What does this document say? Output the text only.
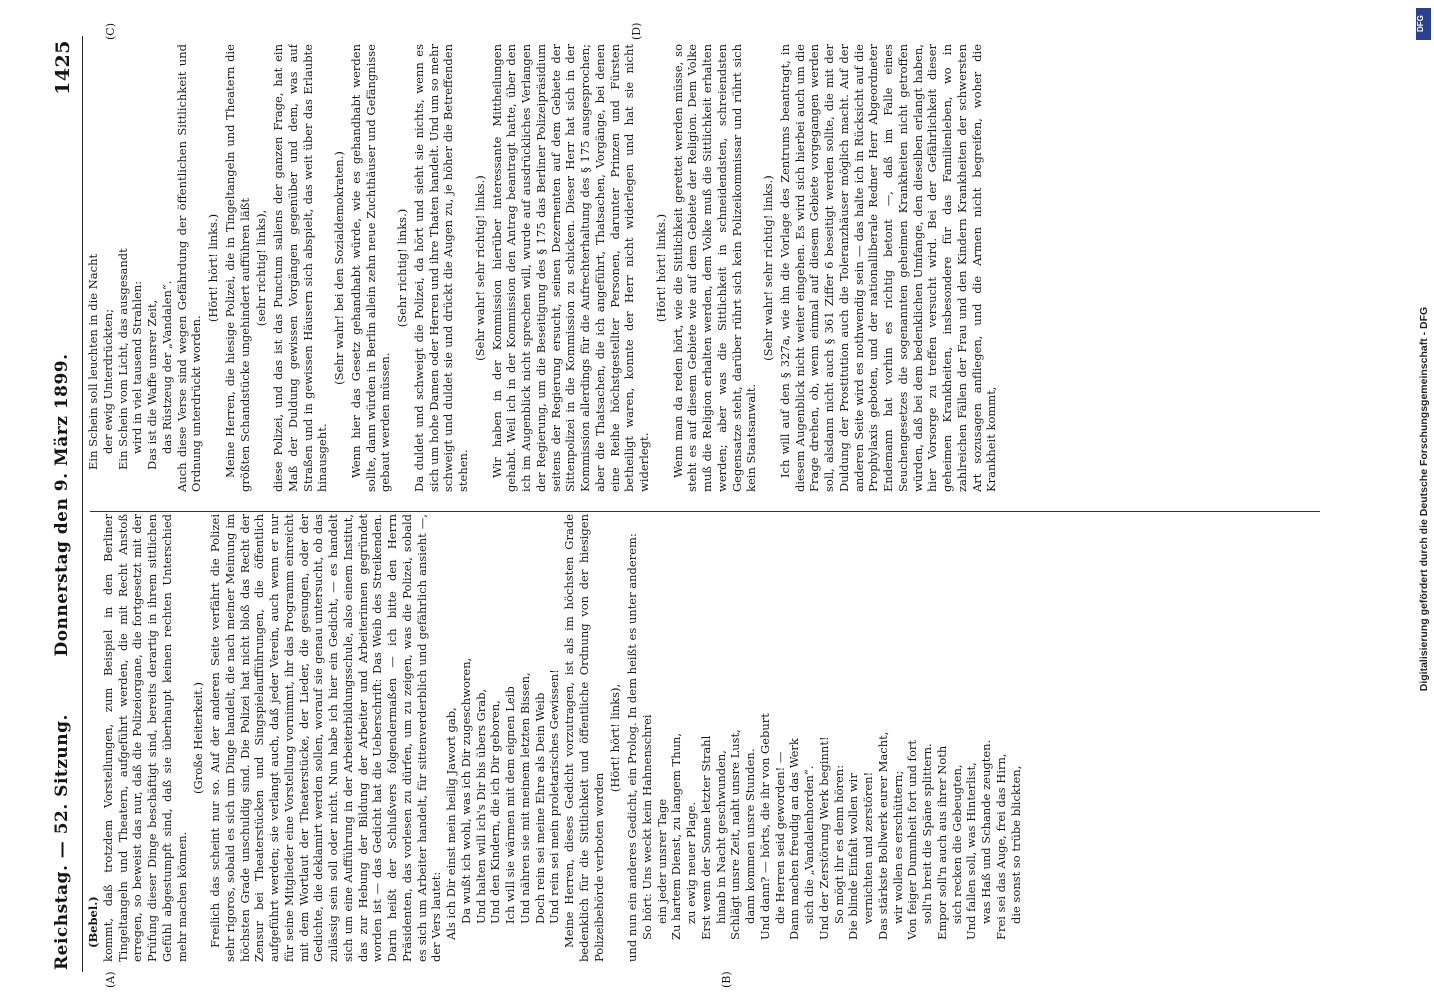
Reichstag. — 52. Sitzung.
Donnerstag den 9. März 1899.
1425
(A)	(B)
(C)	(D)

(Bebel.) kommt, daß trotzdem Vorstellungen, zum Beispiel in den Berliner Tingeltangeln und Theatern, aufgeführt werden, die mit Recht Anstoß erregen, so beweist das nur, daß die Polizeiorgane, die fortgesetzt mit der Prüfung dieser Dinge beschäftigt sind, bereits derartig in ihrem sittlichen Gefühl abgestumpft sind, daß sie überhaupt keinen rechten Unterschied mehr machen können.

(Große Heiterkeit.) Freilich das scheint nur so. Auf der anderen Seite verfährt die Polizei sehr rigoros, sobald es sich um Dinge handelt, die nach meiner Meinung im höchsten Grade unschuldig sind. Die Polizei hat nicht bloß das Recht der Zensur bei Theaterstücken und Singspielaufführungen, die öffentlich aufgeführt werden; sie verlangt auch, daß jeder Verein, auch wenn er nur für seine Mitglieder eine Vorstellung vornimmt, ihr das Programm einreicht mit dem Wortlaut der Theaterstücke, der Lieder, die gesungen, oder der Gedichte, die deklamirt werden sollen, worauf sie genau untersucht, ob das zulässig sein soll oder nicht. Nun habe ich hier ein Gedicht, — es handelt sich um eine Aufführung in der Arbeiterbildungsschule, also einem Institut, das zur Hebung der Bildung der Arbeiter und Arbeiterinnen gegründet worden ist — das Gedicht hat die Ueberschrift: Das Weib des Streikenden. Darin heißt der Schlußvers folgendermaßen — ich bitte den Herrn Präsidenten, das vorlesen zu dürfen, um zu zeigen, was die Polizei, sobald es sich um Arbeiter handelt, für sittenverderblich und gefährlich ansieht —, der Vers lautet: Als ich Dir einst mein heilig Jawort gab, Da wußt ich wohl, was ich Dir zugeschworen, Und halten will ich's Dir bis übers Grab, Und den Kindern, die ich Dir geboren, Ich will sie wärmen mit dem eignen Leib Und nähren sie mit meinem letzten Bissen, Doch rein sei meine Ehre als Dein Weib Und rein sei mein proletarisches Gewissen! Meine Herren, dieses Gedicht vorzutragen, ist als im höchsten Grade bedenklich für die Sittlichkeit und öffentliche Ordnung von der hiesigen Polizeibehörde verboten worden

(Hört! hört! links), und nun ein anderes Gedicht, ein Prolog. In dem heißt es unter anderem: So hört: Uns weckt kein Hahnenschrei ein jeder unsrer Tage Zu hartem Dienst, zu langem Thun, zu ewig neuer Plage. Erst wenn der Sonne letzter Strahl hinab in Nacht geschwunden, Schlägt unsre Zeit, naht unsre Lust, dann kommen unsre Stunden. Und dann? — hörts, die ihr von Geburt die Herren seid geworden! — Dann machen freudig an das Werk sich die „Vandalenhorden“. Und der Zerstörung Werk beginnt! So mögt ihr es denn hören: Die blinde Einfalt wollen wir vernichten und zerstören! Das stärkste Bollwerk eurer Macht, wir wollen es erschüttern; Von feiger Dummheit fort und fort soll'n breit die Späne splittern. Empor soll'n auch aus ihrer Noth sich recken die Gebeugten, Und fallen soll, was Hinterlist, was Haß und Schande zeugten. Frei sei das Auge, frei das Hirn, die sonst so trübe blickten,

Ein Schein soll leuchten in die Nacht der ewig Unterdrückten; Ein Schein vom Licht, das ausgesandt wird in viel tausend Strahlen: Das ist die Waffe unsrer Zeit, das Rüstzeug der „Vandalen“. Auch diese Verse sind wegen Gefährdung der öffentlichen Sittlichkeit und Ordnung unterdrückt worden.

(Hört! hört! links.) Meine Herren, die hiesige Polizei, die in Tingeltangeln und Theatern die größten Schandstücke ungehindert aufführen läßt (sehr richtig! links), diese Polizei, und das ist das Punctum saliens der ganzen Frage, hat ein Maß der Duldung gewissen Vorgängen gegenüber und dem, was auf Straßen und in gewissen Häusern sich abspielt, das weit über das Erlaubte hinausgeht.

(Sehr wahr! bei den Sozialdemokraten.) Wenn hier das Gesetz gehandhabt würde, wie es gehandhabt werden sollte, dann würden in Berlin allein zehn neue Zuchthäuser und Gefängnisse gebaut werden müssen.

(Sehr richtig! links.) Da duldet und schweigt die Polizei, da hört und sieht sie nichts, wenn es sich um hohe Damen oder Herren und ihre Thaten handelt. Und um so mehr schweigt und duldet sie und drückt die Augen zu, je höher die Betreffenden stehen.

(Sehr wahr! sehr richtig! links.) Wir haben in der Kommission hierüber interessante Mittheilungen gehabt. Weil ich in der Kommission den Antrag beantragt hatte, über den ich im Augenblick nicht sprechen will, wurde auf ausdrückliches Verlangen der Regierung, um die Beseitigung des § 175 das Berliner Polizeipräsidium seitens der Regierung ersucht, seinen Dezernenten auf dem Gebiete der Sittenpolizei in die Kommission zu schicken. Dieser Herr hat sich in der Kommission allerdings für die Aufrechterhaltung des § 175 ausgesprochen; aber die Thatsachen, die ich angeführt, Thatsachen, Vorgänge, bei denen eine Reihe höchstgestellter Personen, darunter Prinzen und Fürsten betheiligt waren, konnte der Herr nicht widerlegen und hat sie nicht widerlegt.

(Hört! hört! links.) Wenn man da reden hört, wie die Sittlichkeit gerettet werden müsse, so steht es auf diesem Gebiete wie auf dem Gebiete der Religion. Dem Volke muß die Religion erhalten werden, dem Volke muß die Sittlichkeit erhalten werden; aber was die Sittlichkeit in schneidendsten, schreiendsten Gegensatze steht, darüber rührt sich kein Polizeikommissar und rührt sich kein Staatsanwalt.

(Sehr wahr! sehr richtig! links.) Ich will auf den § 327a, wie ihn die Vorlage des Zentrums beantragt, in diesem Augenblick nicht weiter eingehen. Es wird sich hierbei auch um die Frage drehen, ob, wenn einmal auf diesem Gebiete vorgegangen werden soll, alsdann nicht auch § 361 Ziffer 6 beseitigt werden sollte, die mit der Duldung der Prostitution auch die Toleranzhäuser möglich macht. Auf der anderen Seite wird es nothwendig sein — das halte ich in Rücksicht auf die Prophylaxis geboten, und der nationalliberale Redner Herr Abgeordneter Endemann hat vorhin es richtig betont —, daß im Falle eines Seuchengesetzes die sogenannten geheimen Krankheiten nicht getroffen würden, daß bei dem bedenklichen Umfange, den dieselben erlangt haben, hier Vorsorge zu treffen versucht wird. Bei der Gefährlichkeit dieser geheimen Krankheiten, insbesondere für das Familienleben, wo in zahlreichen Fällen der Frau und den Kindern Krankheiten der schwersten Art sozusagen anfliegen, und die Armen nicht begreifen, woher die Krankheit kommt,	Digitalisierung gefördert durch die Deutsche Forschungsgemeinschaft - DFG
DFG
